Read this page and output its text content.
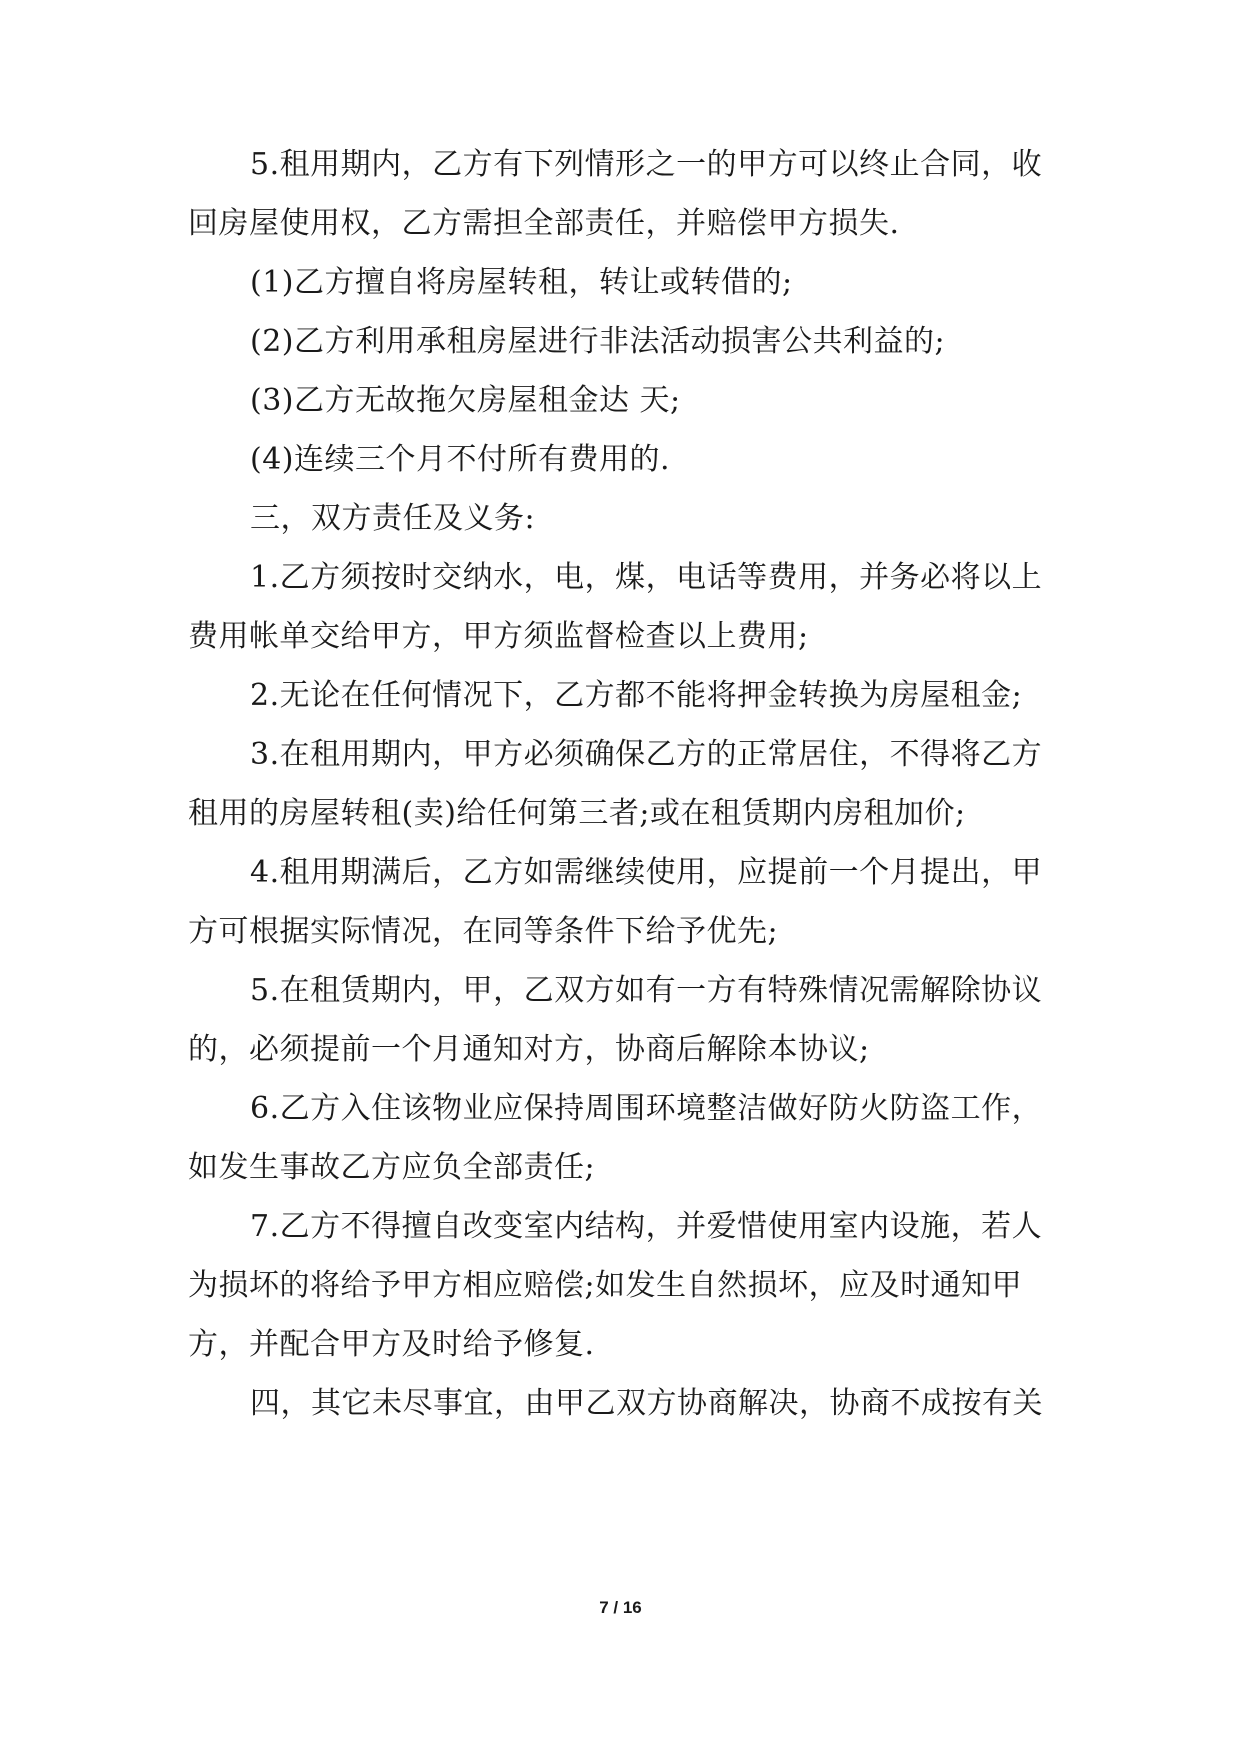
5.租用期内，乙方有下列情形之一的甲方可以终止合同，收
回房屋使用权，乙方需担全部责任，并赔偿甲方损失.
(1)乙方擅自将房屋转租，转让或转借的;
(2)乙方利用承租房屋进行非法活动损害公共利益的;
(3)乙方无故拖欠房屋租金达 天;
(4)连续三个月不付所有费用的.
三，双方责任及义务:
1.乙方须按时交纳水，电，煤，电话等费用，并务必将以上
费用帐单交给甲方，甲方须监督检查以上费用;
2.无论在任何情况下，乙方都不能将押金转换为房屋租金;
3.在租用期内，甲方必须确保乙方的正常居住，不得将乙方
租用的房屋转租(卖)给任何第三者;或在租赁期内房租加价;
4.租用期满后，乙方如需继续使用，应提前一个月提出，甲
方可根据实际情况，在同等条件下给予优先;
5.在租赁期内，甲，乙双方如有一方有特殊情况需解除协议
的，必须提前一个月通知对方，协商后解除本协议;
6.乙方入住该物业应保持周围环境整洁做好防火防盗工作，
如发生事故乙方应负全部责任;
7.乙方不得擅自改变室内结构，并爱惜使用室内设施，若人
为损坏的将给予甲方相应赔偿;如发生自然损坏，应及时通知甲
方，并配合甲方及时给予修复.
四，其它未尽事宜，由甲乙双方协商解决，协商不成按有关
7 / 16
